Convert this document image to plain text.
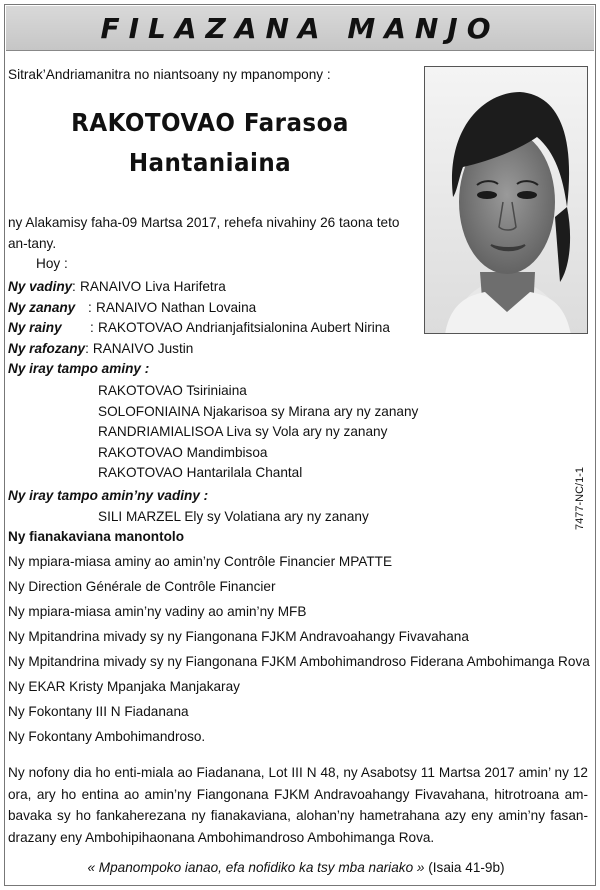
FILAZANA MANJO
Sitrak’Andriamanitra no niantsoany ny mpanompony :
RAKOTOVAO Farasoa
Hantaniaina
ny Alakamisy faha-09 Martsa 2017, rehefa nivahiny 26 taona teto an-tany.
Hoy :
Ny vadiny: RANAIVO Liva Harifetra
Ny zanany : RANAIVO Nathan Lovaina
Ny rainy : RAKOTOVAO Andrianjafitsialonina Aubert Nirina
Ny rafozany: RANAIVO Justin
Ny iray tampo aminy :
RAKOTOVAO Tsiriniaina
SOLOFONIAINA Njakarisoa sy Mirana ary ny zanany
RANDRIAMIALISOA Liva sy Vola ary ny zanany
RAKOTOVAO Mandimbisoa
RAKOTOVAO Hantarilala Chantal
Ny iray tampo amin’ny vadiny :
SILI MARZEL Ely sy Volatiana ary ny zanany
Ny fianakaviana manontolo
Ny mpiara-miasa aminy ao amin’ny Contrôle Financier MPATTE
Ny Direction Générale de Contrôle Financier
Ny mpiara-miasa amin’ny vadiny ao amin’ny MFB
Ny Mpitandrina mivady sy ny Fiangonana FJKM Andravoahangy Fivavahana
Ny Mpitandrina mivady sy ny Fiangonana FJKM Ambohimandroso Fiderana Ambohimanga Rova
Ny EKAR Kristy Mpanjaka Manjakaray
Ny Fokontany III N Fiadanana
Ny Fokontany Ambohimandroso.
7477-NC/1-1
Ny nofony dia ho enti-miala ao Fiadanana, Lot III N 48, ny Asabotsy 11 Martsa 2017 amin’ ny 12 ora, ary ho entina ao amin’ny Fiangonana FJKM Andravoahangy Fivavahana, hitrotroana am-bavaka sy ho fankaherezana ny fianakaviana, alohan’ny hametrahana azy eny amin’ny fasan-drazany eny Ambohipihaonana Ambohimandroso Ambohimanga Rova.
« Mpanompoko ianao, efa nofidiko ka tsy mba nariako » (Isaia 41-9b)
